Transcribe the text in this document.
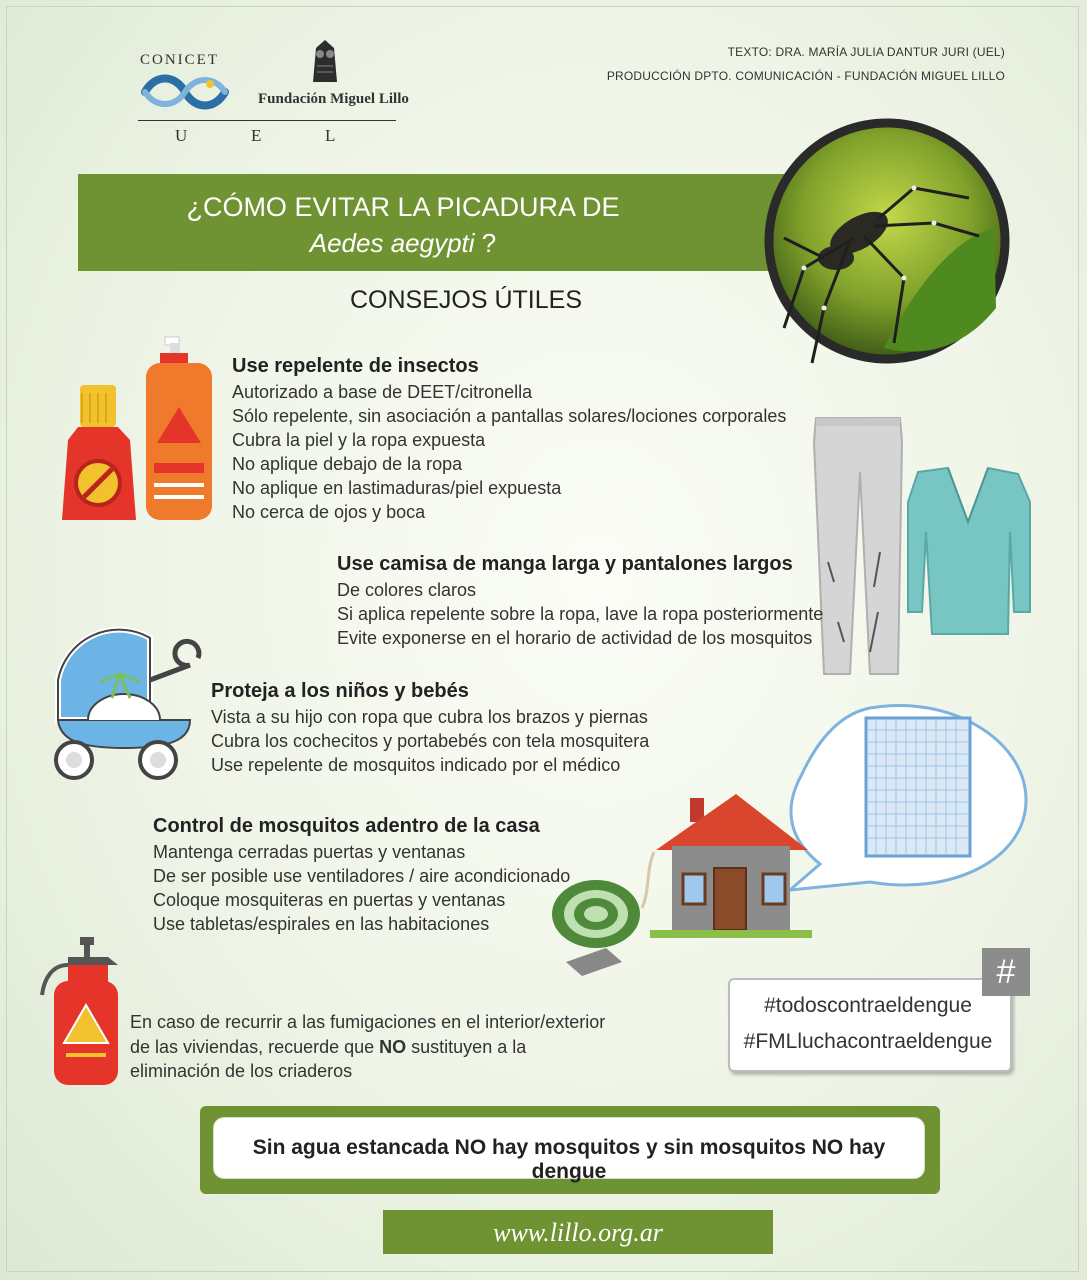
CONICET
Fundación Miguel Lillo
U	E	L
TEXTO: DRA. MARÍA JULIA DANTUR JURI (UEL)
PRODUCCIÓN DPTO. COMUNICACIÓN - FUNDACIÓN MIGUEL LILLO
¿CÓMO EVITAR LA PICADURA DE
Aedes aegypti ?
CONSEJOS ÚTILES
Use repelente de insectos
Autorizado a base de DEET/citronella
Sólo repelente, sin asociación a pantallas solares/lociones corporales
Cubra la piel y la ropa expuesta
No aplique debajo de la ropa
No aplique en lastimaduras/piel expuesta
No cerca de ojos y boca
Use camisa de manga larga y pantalones largos
De colores claros
Si aplica repelente sobre la ropa, lave la ropa posteriormente
Evite exponerse en el horario de actividad de los mosquitos
Proteja a los niños y bebés
Vista a su hijo con ropa que cubra los brazos y piernas
Cubra los cochecitos y portabebés con tela mosquitera
Use repelente de mosquitos indicado por el médico
Control de mosquitos adentro de la casa
Mantenga cerradas puertas y ventanas
De ser posible use ventiladores / aire acondicionado
Coloque mosquiteras en puertas y ventanas
Use tabletas/espirales en las habitaciones
En caso de recurrir a las fumigaciones en el interior/exterior de las viviendas, recuerde que NO sustituyen a la eliminación de los criaderos
#
#todoscontraeldengue
#FMLluchacontraeldengue
Sin agua estancada NO hay mosquitos y sin mosquitos NO hay dengue
www.lillo.org.ar
